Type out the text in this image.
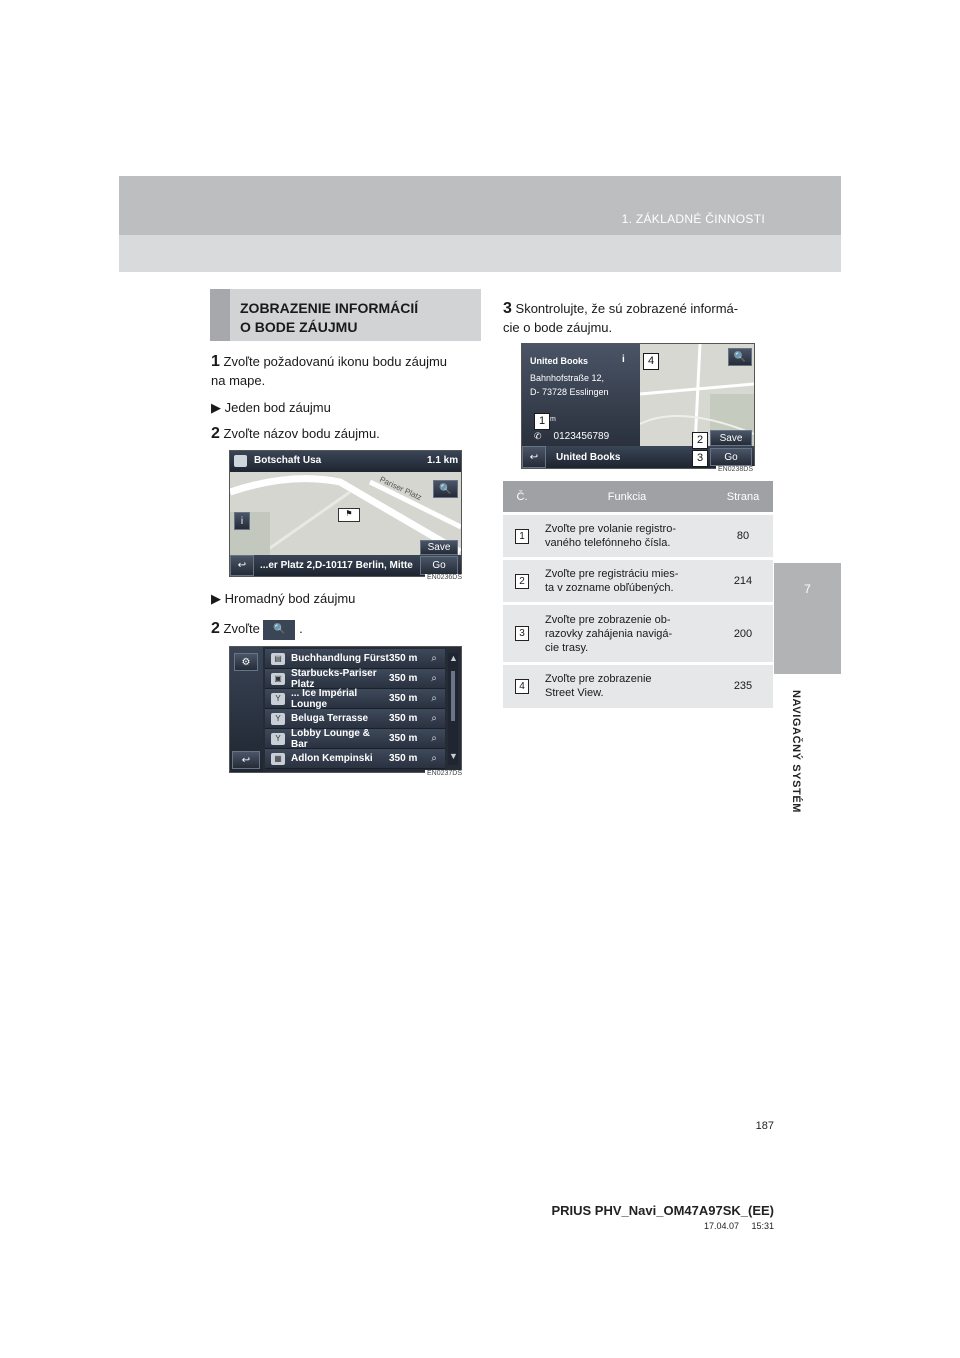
1. ZÁKLADNÉ ČINNOSTI
7
NAVIGAČNÝ SYSTÉM
ZOBRAZENIE INFORMÁCIÍ
O BODE ZÁUJMU
1 Zvoľte požadovanú ikonu bodu záujmu
na mape.
▶ Jeden bod záujmu
2 Zvoľte názov bodu záujmu.
Botschaft Usa	1.1 km
Pariser Platz 🔍
i
⚑
Save
↩ ...er Platz 2,D-10117 Berlin, Mitte Go
EN0236DS
▶ Hromadný bod záujmu
2 Zvoľte 🔍 .
⚙
↩
▤ Buchhandlung Fürst 350 m	⌕
▣ Starbucks-Pariser Platz	350 m	⌕
Y	... Ice Impérial Lounge	350 m	⌕
Y	Beluga Terrasse	350 m	⌕
Y	Lobby Lounge & Bar	350 m	⌕
▦ Adlon Kempinski	350 m	⌕
▲
▼
EN0237DS
3 Skontrolujte, že sú zobrazené informá-
cie o bode záujmu.
United Books
Bahnhofstraße 12,
D- 73728 Esslingen
m
✆ 0123456789
i	🔍
Save
↩ United Books	Go
1
2
3
4
EN0238DS
Č.	Funkcia	Strana
1	Zvoľte pre volanie registro-
vaného telefónneho čísla.	80
2	Zvoľte pre registráciu mies-
ta v zozname obľúbených.	214
3	Zvoľte pre zobrazenie ob-
razovky zahájenia navigá-
cie trasy.	200
4	Zvoľte pre zobrazenie
Street View.	235
187
PRIUS PHV_Navi_OM47A97SK_(EE)
17.04.07     15:31
